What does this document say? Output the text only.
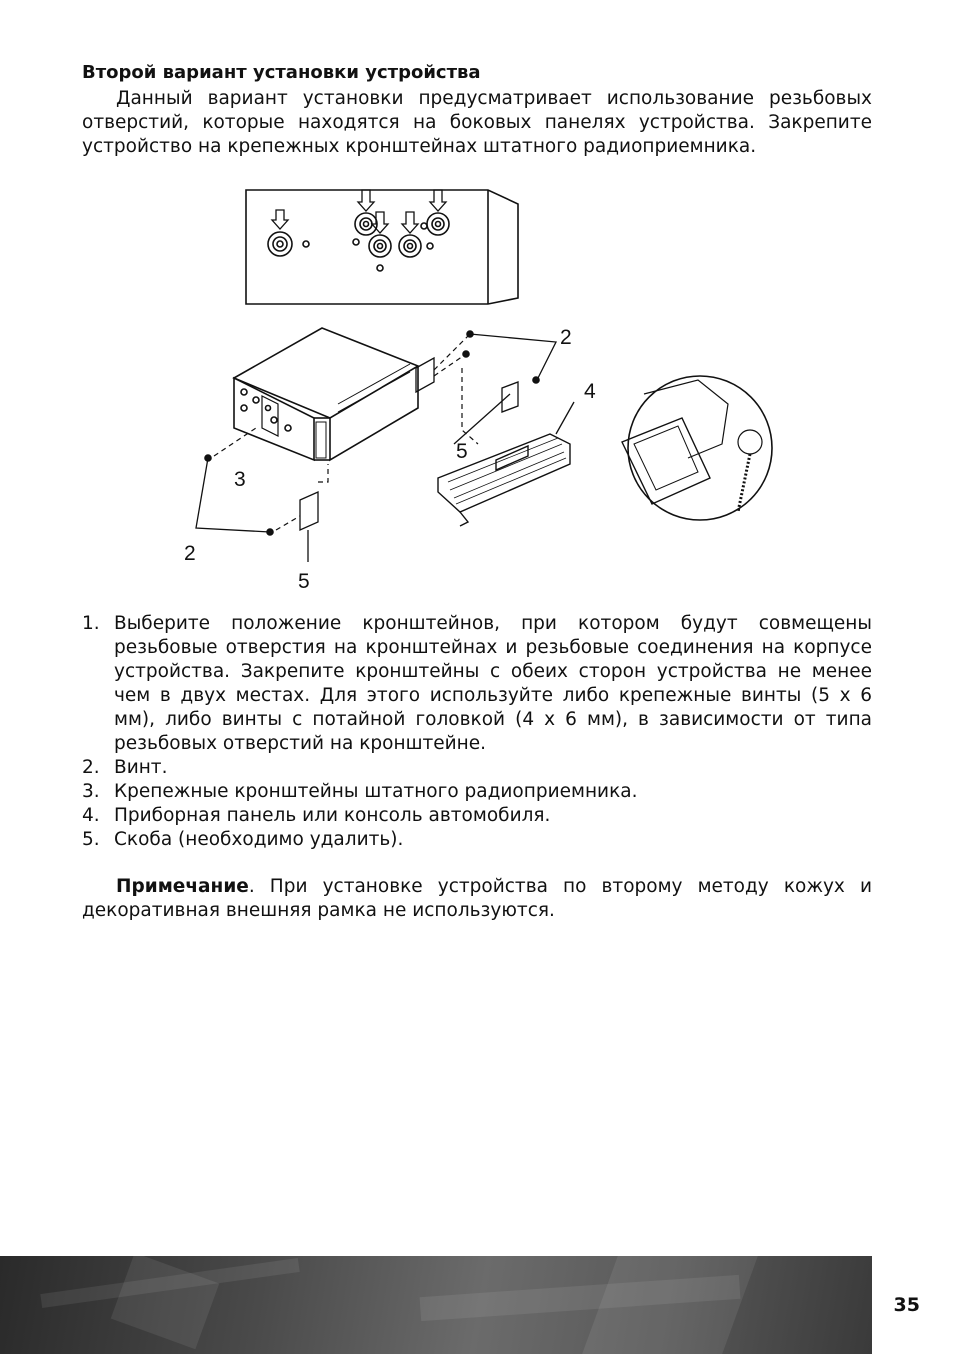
Второй вариант установки устройства

Данный вариант установки предусматривает использование резьбовых отверстий, которые находятся на боковых панелях устройства. Закрепите устройство на крепежных кронштейнах штатного радиоприемника.

2
4
5
3
2
5
1. Выберите положение кронштейнов, при котором будут совмещены резьбовые отверстия на кронштейнах и резьбовые соединения на корпусе устройства. Закрепите кронштейны с обеих сторон устройства не менее чем в двух местах. Для этого используйте либо крепежные винты (5 х 6 мм), либо винты с потайной головкой (4 х 6 мм), в зависимости от типа резьбовых отверстий на кронштейне.
2. Винт.
3. Крепежные кронштейны штатного радиоприемника.
4. Приборная панель или консоль автомобиля.
5. Скоба (необходимо удалить).

Примечание. При установке устройства по второму методу кожух и декоративная внешняя рамка не используются.

35
